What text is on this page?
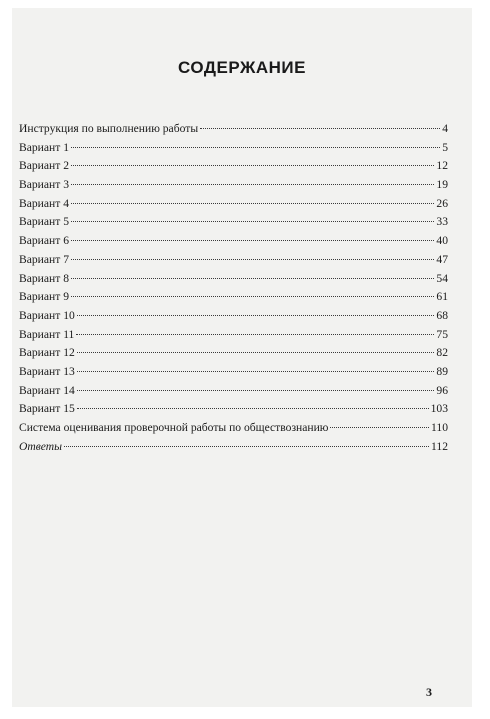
СОДЕРЖАНИЕ
Инструкция по выполнению работы	4
Вариант 1	5
Вариант 2	12
Вариант 3	19
Вариант 4	26
Вариант 5	33
Вариант 6	40
Вариант 7	47
Вариант 8	54
Вариант 9	61
Вариант 10	68
Вариант 11	75
Вариант 12	82
Вариант 13	89
Вариант 14	96
Вариант 15	103
Система оценивания проверочной работы по обществознанию	110
Ответы	112
3
